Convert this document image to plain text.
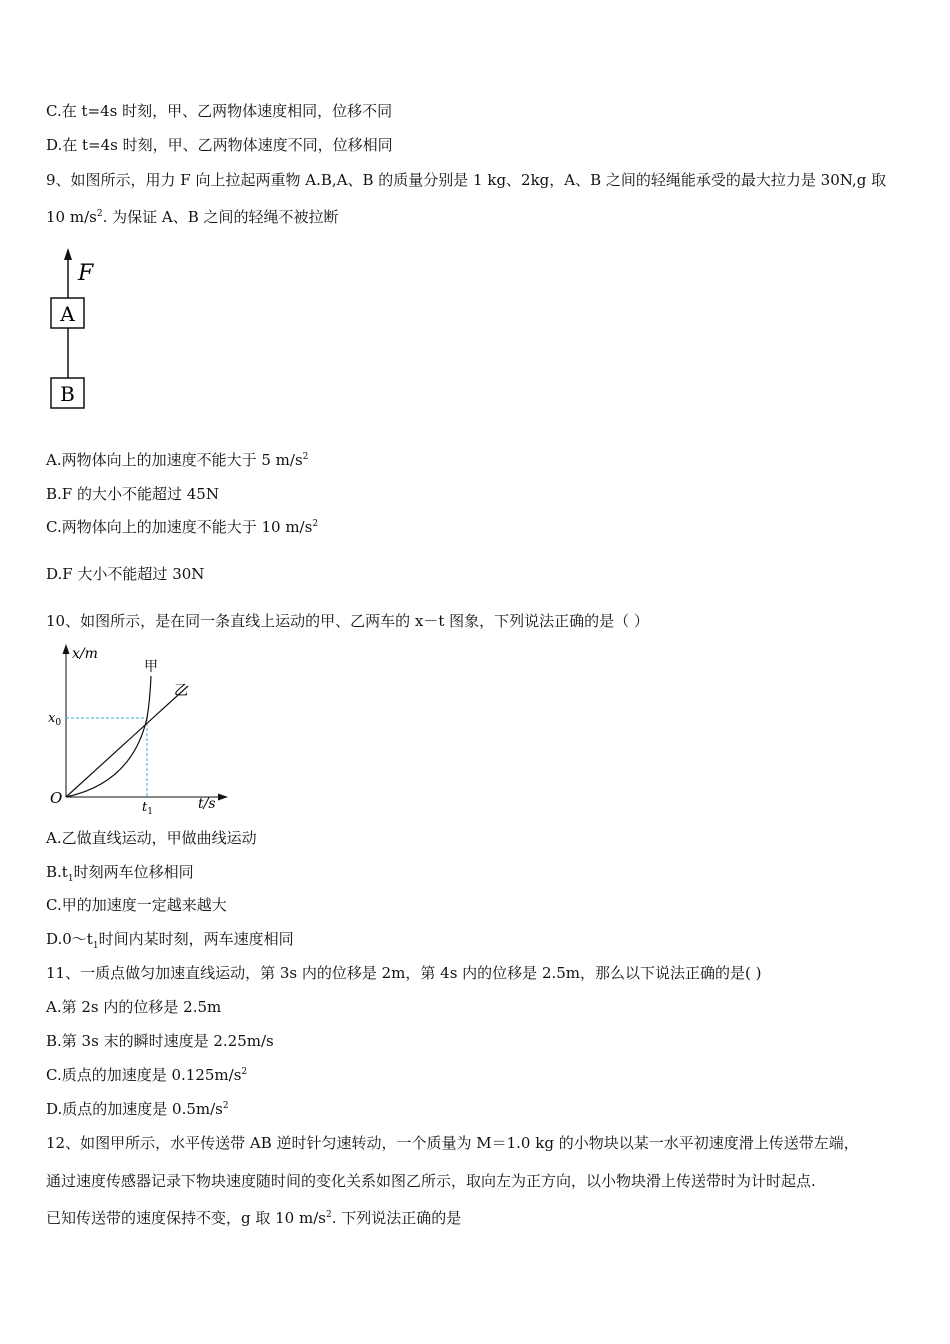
C.在 t=4s 时刻，甲、乙两物体速度相同，位移不同
D.在 t=4s 时刻，甲、乙两物体速度不同，位移相同
9、如图所示，用力 F 向上拉起两重物 A.B,A、B 的质量分别是 1 kg、2kg，A、B 之间的轻绳能承受的最大拉力是 30N,g 取
10 $m/s^2$. 为保证 A、B 之间的轻绳不被拉断
F
A
B
A.两物体向上的加速度不能大于 5 $m/s^2$
B.F 的大小不能超过 45N
C.两物体向上的加速度不能大于 10 $m/s^2$
D.F 大小不能超过 30N
10、如图所示，是在同一条直线上运动的甲、乙两车的 x－t 图象，下列说法正确的是（ ）
x/m
t/s
O
$x_0$
$t_1$
甲
乙
A.乙做直线运动，甲做曲线运动
$B.t_1$时刻两车位移相同
C.甲的加速度一定越来越大
$D.0\sim t_1$时间内某时刻，两车速度相同
11、一质点做匀加速直线运动，第 3s 内的位移是 2m，第 4s 内的位移是 2.5m，那么以下说法正确的是( )
A.第 2s 内的位移是 2.5m
B.第 3s 末的瞬时速度是 2.25m/s
C.质点的加速度是 $0.125m/s^2$
D.质点的加速度是 $0.5m/s^2$
12、如图甲所示，水平传送带 AB 逆时针匀速转动，一个质量为 M＝1.0 kg 的小物块以某一水平初速度滑上传送带左端，
通过速度传感器记录下物块速度随时间的变化关系如图乙所示，取向左为正方向，以小物块滑上传送带时为计时起点.
已知传送带的速度保持不变，g 取 10 $m/s^2$. 下列说法正确的是
